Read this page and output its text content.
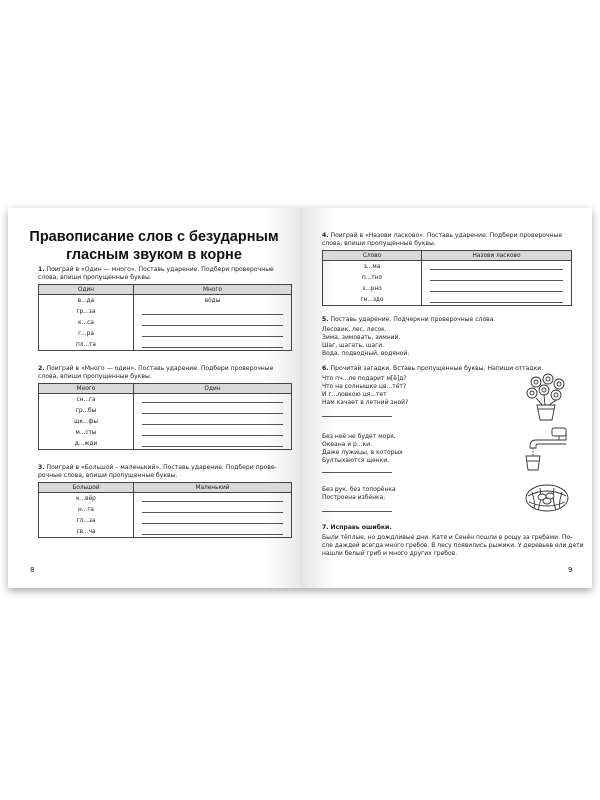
Правописание слов с безударным
гласным звуком в корне
1. Поиграй в «Один — много». Поставь ударение. Подбери проверочные
слова, впиши пропущенные буквы.
Один	Много
в...да	вóды

гр...за	

к...са	

г...ра	

пл...та	
2. Поиграй в «Много — один». Поставь ударение. Подбери проверочные
слова, впиши пропущенные буквы.
Много	Один
сн...га	

гр...бы	

шк...фы	

м...сты	

д...жди	
3. Поиграй в «Большой – маленький». Поставь ударение. Подбери прове-
рочные слова, впиши пропущенные буквы.
Большой	Маленький
к...вёр	

н...га	

гл...за	

св...ча	
8
4. Поиграй в «Назови ласково». Поставь ударение. Подбери проверочные
слова, впиши пропущенные буквы.
Слово	Назови ласково
з...ма	

п...тно	

з...рно	

гн...здо	
5. Поставь ударение. Подчеркни проверочные слова.
Лесовик, лес, лесок.
Зима, зимовать, зимний.
Шаг, шагать, шаги.
Вода, подводный, водяной.
6. Прочитай загадки. Вставь пропущенные буквы. Напиши отгадки.
Что пч...ле подарит м[ё]д?
Что на солнышке цв...тёт?
И г...ловкою ця...тет
Нам качает в летний зной?
Без неё не будет моря,
Океана и р...ки.
Даже лужицы, в которых
Бултыхаются щенки.
Без рук, без топорёнка
Построена избёнка.
7. Исправь ошибки.
Были тёплые, но дождливые дни. Катя и Сенён пошли в рощу за гребами. По-
сле даждей всегда много гребов. В лесу появились рыжики. У деревьев ели дети
нашли белый гриб и много других гребов.
9
